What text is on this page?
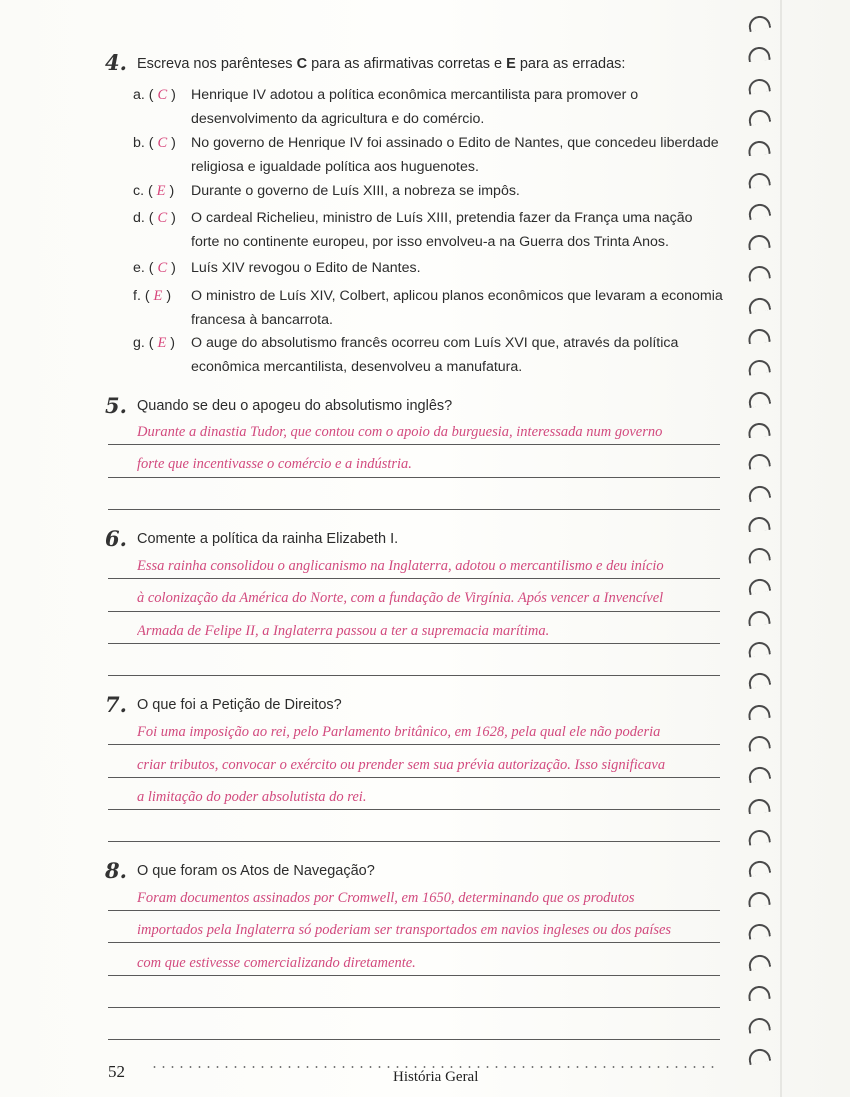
4. Escreva nos parênteses C para as afirmativas corretas e E para as erradas:
a. ( C )	Henrique IV adotou a política econômica mercantilista para promover o desenvolvimento da agricultura e do comércio.
b. ( C )	No governo de Henrique IV foi assinado o Edito de Nantes, que concedeu liberdade religiosa e igualdade política aos huguenotes.
c. ( E )	Durante o governo de Luís XIII, a nobreza se impôs.
d. ( C )	O cardeal Richelieu, ministro de Luís XIII, pretendia fazer da França uma nação forte no continente europeu, por isso envolveu-a na Guerra dos Trinta Anos.
e. ( C )	Luís XIV revogou o Edito de Nantes.
f. ( E )	O ministro de Luís XIV, Colbert, aplicou planos econômicos que levaram a economia francesa à bancarrota.
g. ( E )	O auge do absolutismo francês ocorreu com Luís XVI que, através da política econômica mercantilista, desenvolveu a manufatura.
5. Quando se deu o apogeu do absolutismo inglês?
Durante a dinastia Tudor, que contou com o apoio da burguesia, interessada num governo
forte que incentivasse o comércio e a indústria.
6. Comente a política da rainha Elizabeth I.
Essa rainha consolidou o anglicanismo na Inglaterra, adotou o mercantilismo e deu início
à colonização da América do Norte, com a fundação de Virgínia. Após vencer a Invencível
Armada de Felipe II, a Inglaterra passou a ter a supremacia marítima.
7. O que foi a Petição de Direitos?
Foi uma imposição ao rei, pelo Parlamento britânico, em 1628, pela qual ele não poderia
criar tributos, convocar o exército ou prender sem sua prévia autorização. Isso significava
a limitação do poder absolutista do rei.
8. O que foram os Atos de Navegação?
Foram documentos assinados por Cromwell, em 1650, determinando que os produtos
importados pela Inglaterra só poderiam ser transportados em navios ingleses ou dos países
com que estivesse comercializando diretamente.
52	História Geral
